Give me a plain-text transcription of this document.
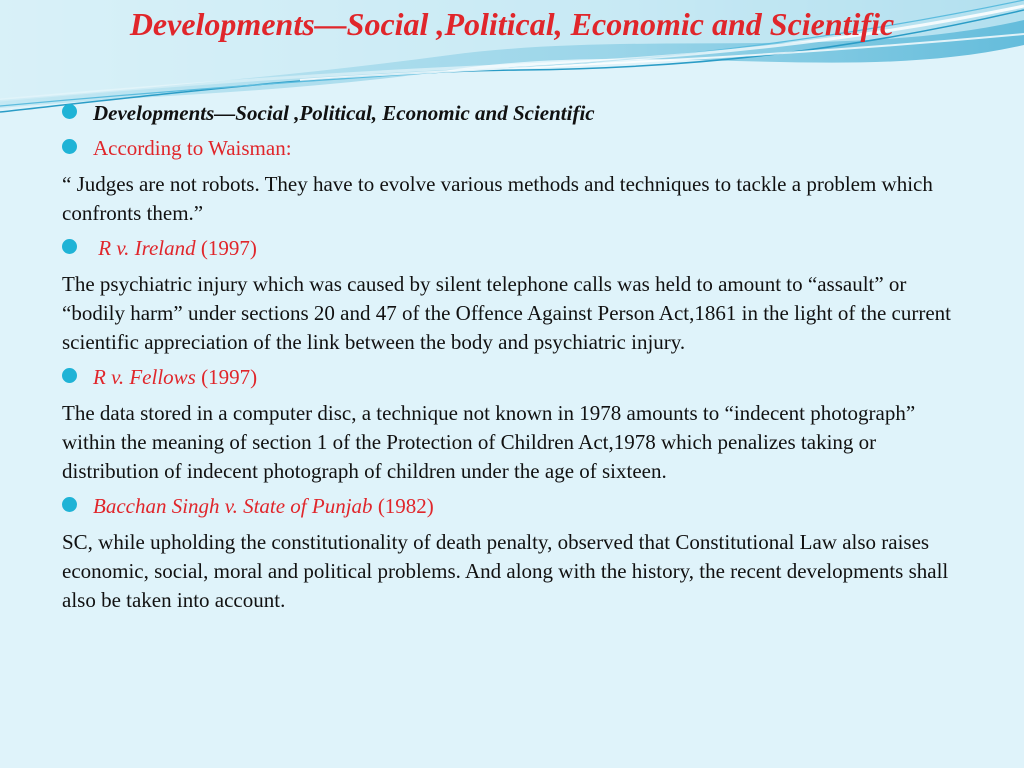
Developments—Social ,Political, Economic and Scientific
Developments—Social ,Political, Economic and Scientific
According to Waisman:

“ Judges are not robots. They have to evolve various methods and techniques to tackle a problem which confronts them.”

R v. Ireland (1997)

The psychiatric injury which was caused by silent telephone calls was held to amount to “assault” or “bodily harm” under sections 20 and 47 of the Offence Against Person Act,1861 in the light of the current scientific appreciation of the link between the body and psychiatric injury.

R v. Fellows (1997)

The data stored in a computer disc, a technique not known in 1978 amounts to “indecent photograph” within the meaning of section 1 of the Protection of Children Act,1978 which penalizes taking or distribution of indecent photograph of children under the age of sixteen.

Bacchan Singh v. State of Punjab (1982)

SC, while upholding the constitutionality of death penalty, observed that Constitutional Law also raises economic, social, moral and political problems. And along with the history, the recent developments shall also be taken into account.
